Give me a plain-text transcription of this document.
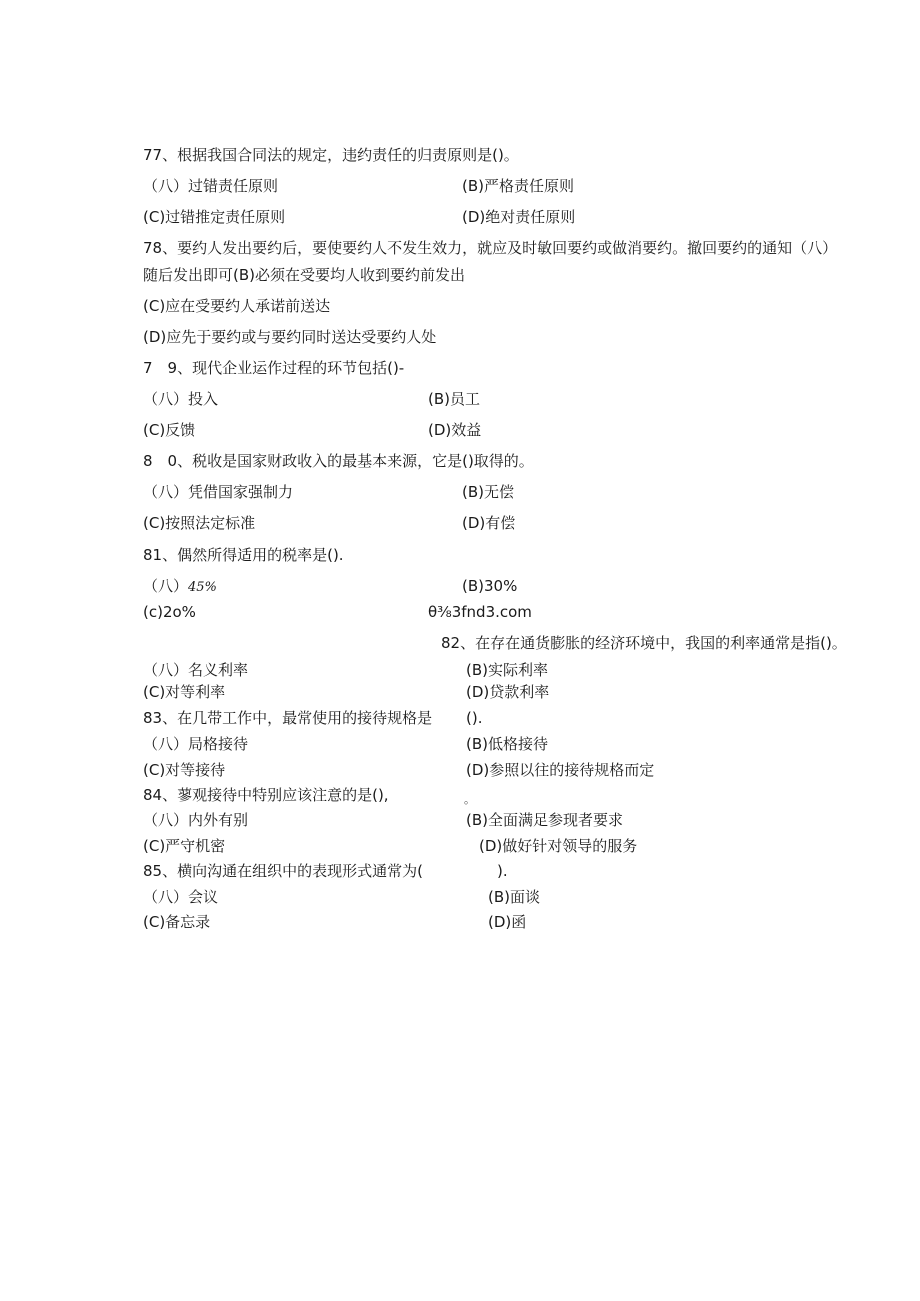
77、根据我国合同法的规定，违约责任的归责原则是()。
（八）过错责任原则	(B)严格责任原则
(C)过错推定责任原则	(D)绝对责任原则
78、要约人发出要约后，要使要约人不发生效力，就应及时敏回要约或做消要约。撤回要约的通知（八）
随后发出即可(B)必须在受要均人收到要约前发出
(C)应在受要约人承诺前送达
(D)应先于要约或与要约同时送达受要约人处
7　9、现代企业运作过程的环节包括()-
（八）投入	(B)员工
(C)反馈	(D)效益
8　0、税收是国家财政收入的最基本来源，它是()取得的。
（八）凭借国家强制力	(B)无偿
(C)按照法定标准	(D)有偿
81、偶然所得适用的税率是().
（八）45%	(B)30%
(c)2o%	θ⅜3fnd3.com
82、在存在通货膨胀的经济环境中，我国的利率通常是指()。
（八）名义利率	(B)实际利率
(C)对等利率	(D)贷款利率
83、在几带工作中，最常使用的接待规格是 ().
（八）局格接待	(B)低格接待
(C)对等接待	(D)参照以往的接待规格而定
84、蓼观接待中特别应该注意的是(),	。
（八）内外有别	(B)全面满足参现者要求
(C)严守机密	(D)做好针对领导的服务
85、横向沟通在组织中的表现形式通常为(	).
（八）会议	(B)面谈
(C)备忘录	(D)函
